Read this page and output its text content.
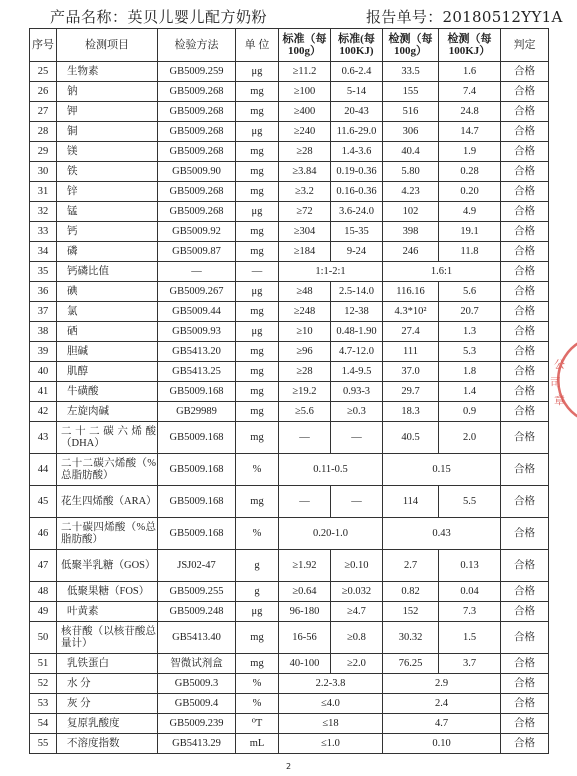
产品名称：英贝儿婴儿配方奶粉	报告单号：20180512YY1A
序号	检测项目	检验方法	单 位	标准（每100g）	标准(每100KJ)	检测（每100g）	检测（每100KJ）	判定
25	生物素	GB5009.259	μg	≥11.2	0.6-2.4	33.5	1.6	合格
26	钠	GB5009.268	mg	≥100	5-14	155	7.4	合格
27	钾	GB5009.268	mg	≥400	20-43	516	24.8	合格
28	铜	GB5009.268	μg	≥240	11.6-29.0	306	14.7	合格
29	镁	GB5009.268	mg	≥28	1.4-3.6	40.4	1.9	合格
30	铁	GB5009.90	mg	≥3.84	0.19-0.36	5.80	0.28	合格
31	锌	GB5009.268	mg	≥3.2	0.16-0.36	4.23	0.20	合格
32	锰	GB5009.268	μg	≥72	3.6-24.0	102	4.9	合格
33	钙	GB5009.92	mg	≥304	15-35	398	19.1	合格
34	磷	GB5009.87	mg	≥184	9-24	246	11.8	合格
35	钙磷比值	—	—	1:1-2:1		1.6:1		合格
36	碘	GB5009.267	μg	≥48	2.5-14.0	116.16	5.6	合格
37	氯	GB5009.44	mg	≥248	12-38	4.3*10²	20.7	合格
38	硒	GB5009.93	μg	≥10	0.48-1.90	27.4	1.3	合格
39	胆碱	GB5413.20	mg	≥96	4.7-12.0	111	5.3	合格
40	肌醇	GB5413.25	mg	≥28	1.4-9.5	37.0	1.8	合格
41	牛磺酸	GB5009.168	mg	≥19.2	0.93-3	29.7	1.4	合格
42	左旋肉碱	GB29989	mg	≥5.6	≥0.3	18.3	0.9	合格
43	二十二碳六烯酸（DHA）	GB5009.168	mg	—	—	40.5	2.0	合格
44	二十二碳六烯酸（%总脂肪酸）	GB5009.168	%	0.11-0.5		0.15		合格
45	花生四烯酸（ARA）	GB5009.168	mg	—	—	114	5.5	合格
46	二十碳四烯酸（%总脂肪酸）	GB5009.168	%	0.20-1.0		0.43		合格
47	低聚半乳糖（GOS）	JSJ02-47	g	≥1.92	≥0.10	2.7	0.13	合格
48	低聚果糖（FOS）	GB5009.255	g	≥0.64	≥0.032	0.82	0.04	合格
49	叶黄素	GB5009.248	μg	96-180	≥4.7	152	7.3	合格
50	核苷酸（以核苷酸总量计）	GB5413.40	mg	16-56	≥0.8	30.32	1.5	合格
51	乳铁蛋白	智微试剂盒	mg	40-100	≥2.0	76.25	3.7	合格
52	水 分	GB5009.3	%	2.2-3.8		2.9		合格
53	灰 分	GB5009.4	%	≤4.0		2.4		合格
54	复原乳酸度	GB5009.239	⁰T	≤18		4.7		合格
55	不溶度指数	GB5413.29	mL	≤1.0		0.10		合格
公
司
章
2
